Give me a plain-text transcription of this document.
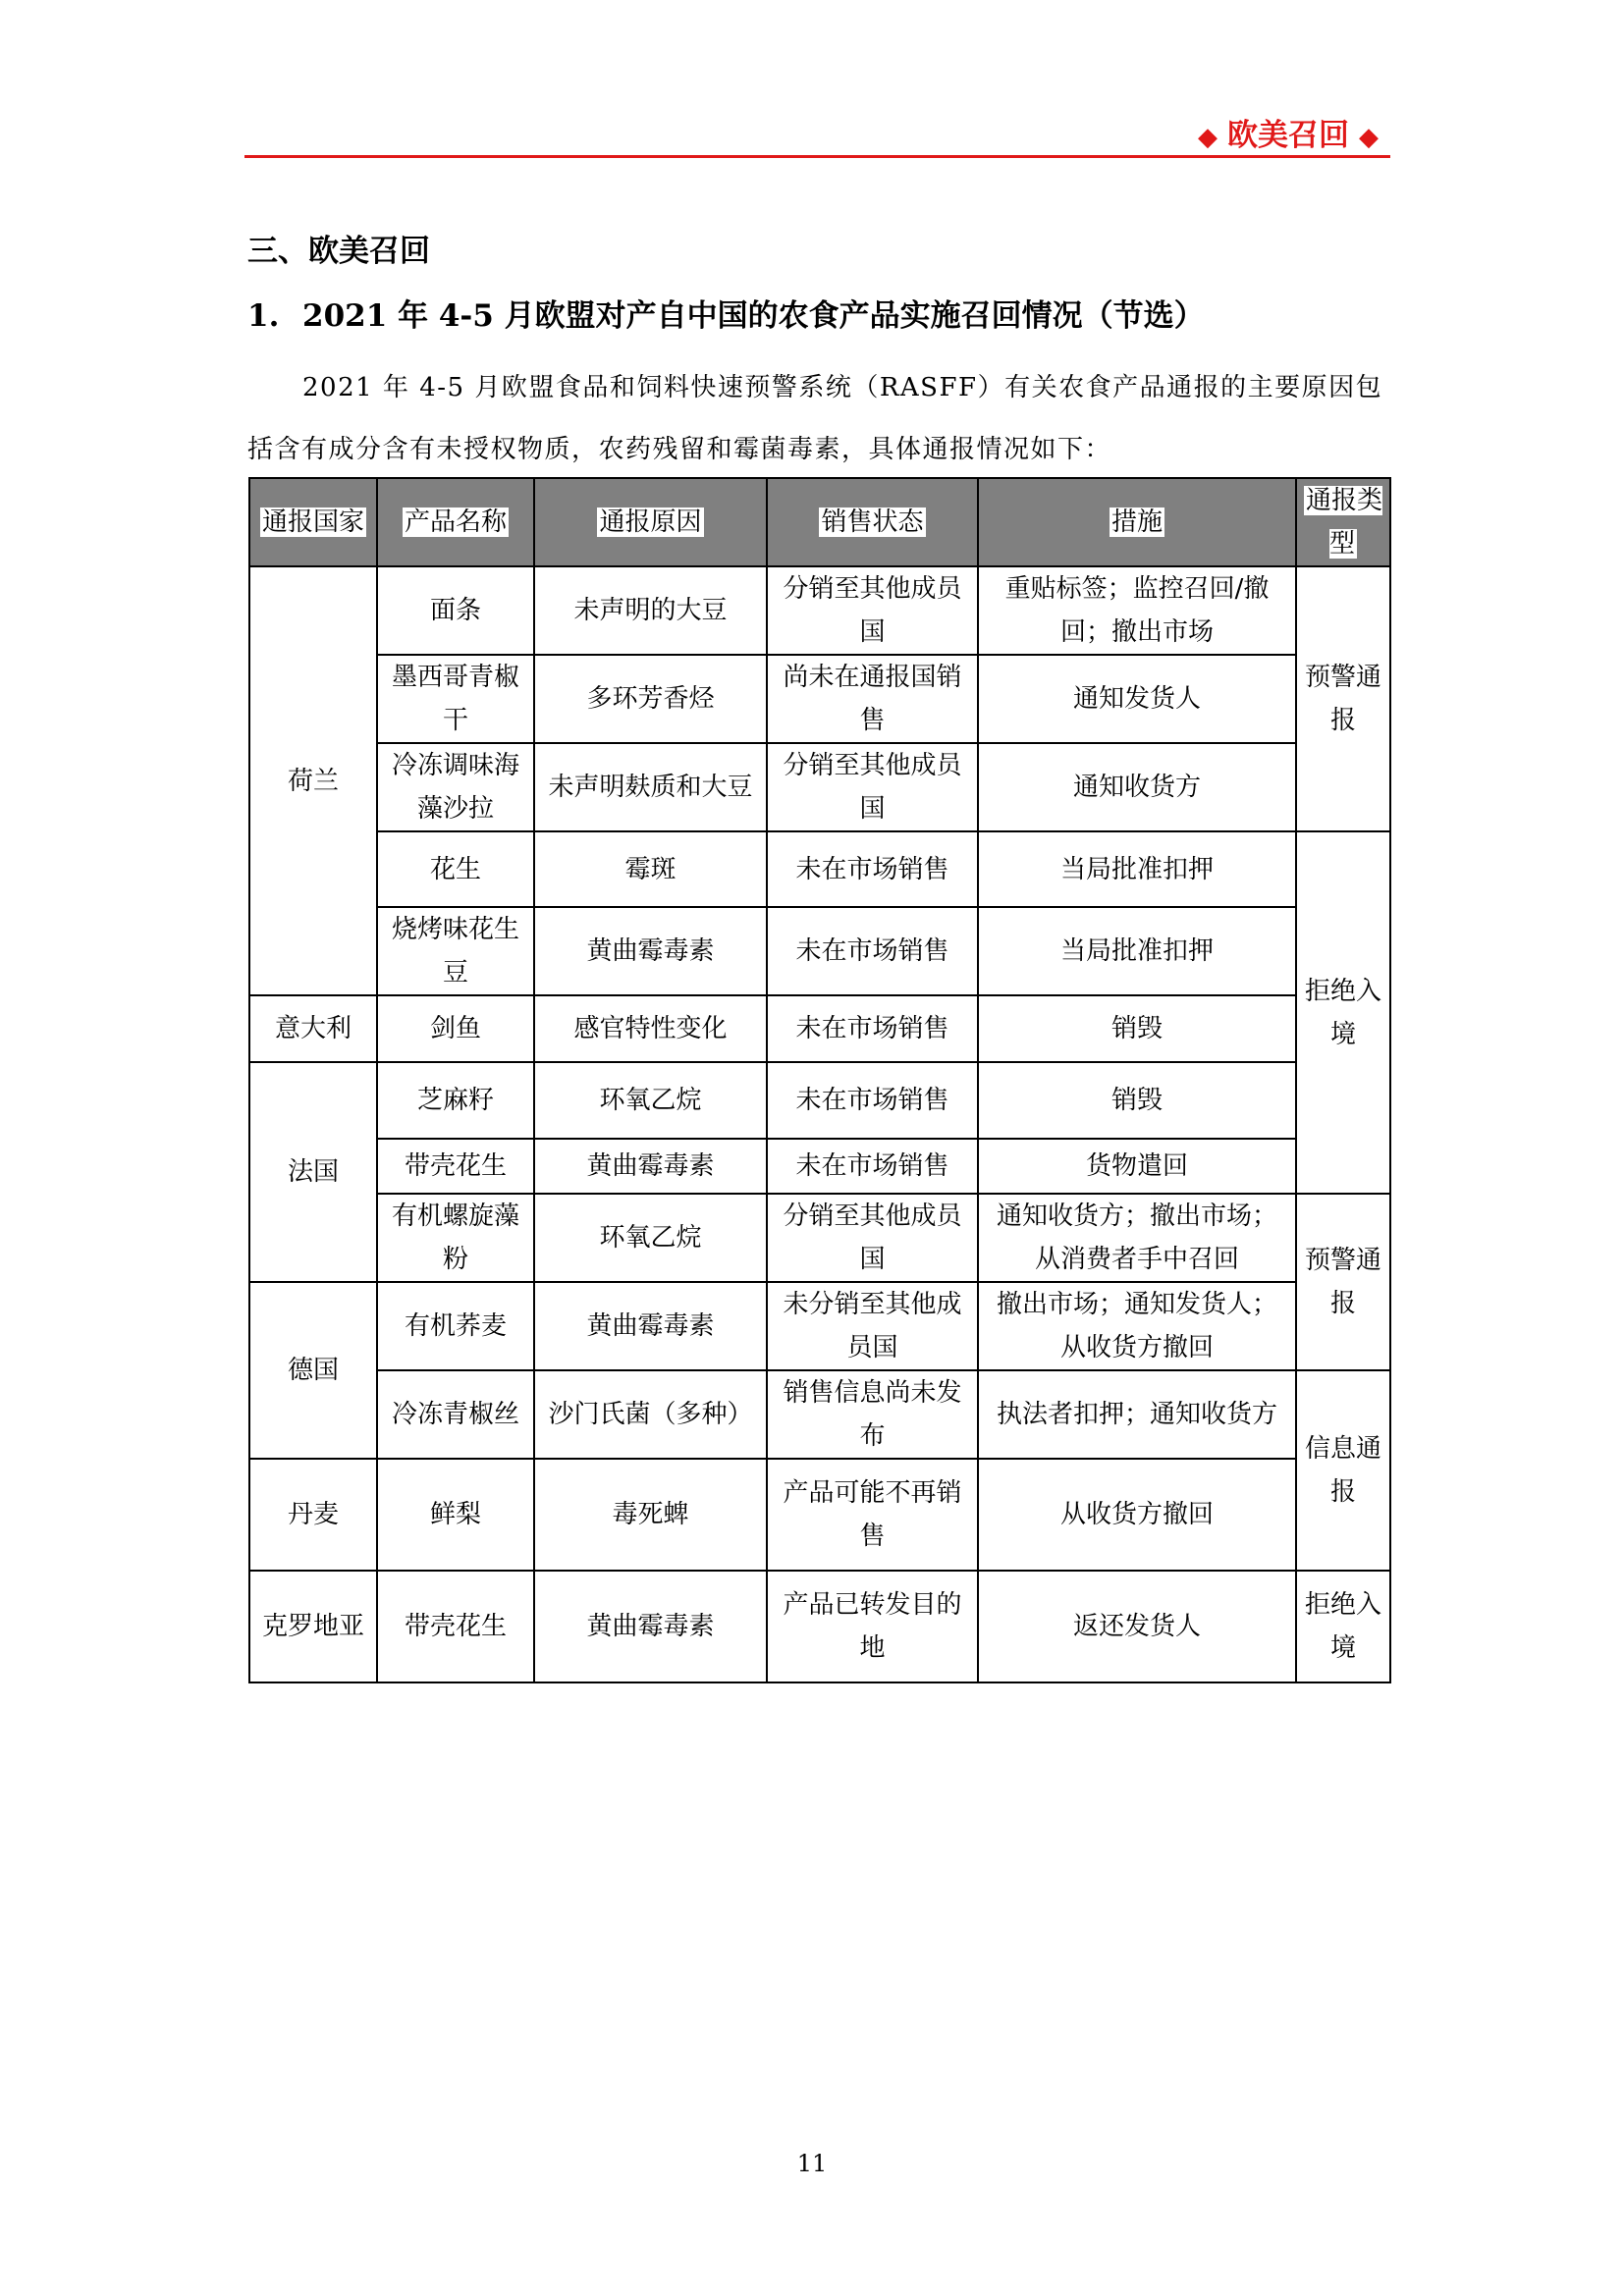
◆ 欧美召回 ◆
三、欧美召回
1. 2021 年 4-5 月欧盟对产自中国的农食产品实施召回情况（节选）
2021 年 4-5 月欧盟食品和饲料快速预警系统（RASFF）有关农食产品通报的主要原因包括含有成分含有未授权物质，农药残留和霉菌毒素，具体通报情况如下：
通报国家	产品名称	通报原因	销售状态	措施	通报类型
荷兰	面条	未声明的大豆	分销至其他成员国	重贴标签；监控召回/撤回；撤出市场	预警通报
	墨西哥青椒干	多环芳香烃	尚未在通报国销售	通知发货人	
	冷冻调味海藻沙拉	未声明麸质和大豆	分销至其他成员国	通知收货方	
	花生	霉斑	未在市场销售	当局批准扣押	拒绝入境
	烧烤味花生豆	黄曲霉毒素	未在市场销售	当局批准扣押	
意大利	剑鱼	感官特性变化	未在市场销售	销毁	
法国	芝麻籽	环氧乙烷	未在市场销售	销毁	
	带壳花生	黄曲霉毒素	未在市场销售	货物遣回	
	有机螺旋藻粉	环氧乙烷	分销至其他成员国	通知收货方；撤出市场；从消费者手中召回	预警通报
德国	有机荞麦	黄曲霉毒素	未分销至其他成员国	撤出市场；通知发货人；从收货方撤回	
	冷冻青椒丝	沙门氏菌（多种）	销售信息尚未发布	执法者扣押；通知收货方	信息通报
丹麦	鲜梨	毒死蜱	产品可能不再销售	从收货方撤回	
克罗地亚	带壳花生	黄曲霉毒素	产品已转发目的地	返还发货人	拒绝入境
11
